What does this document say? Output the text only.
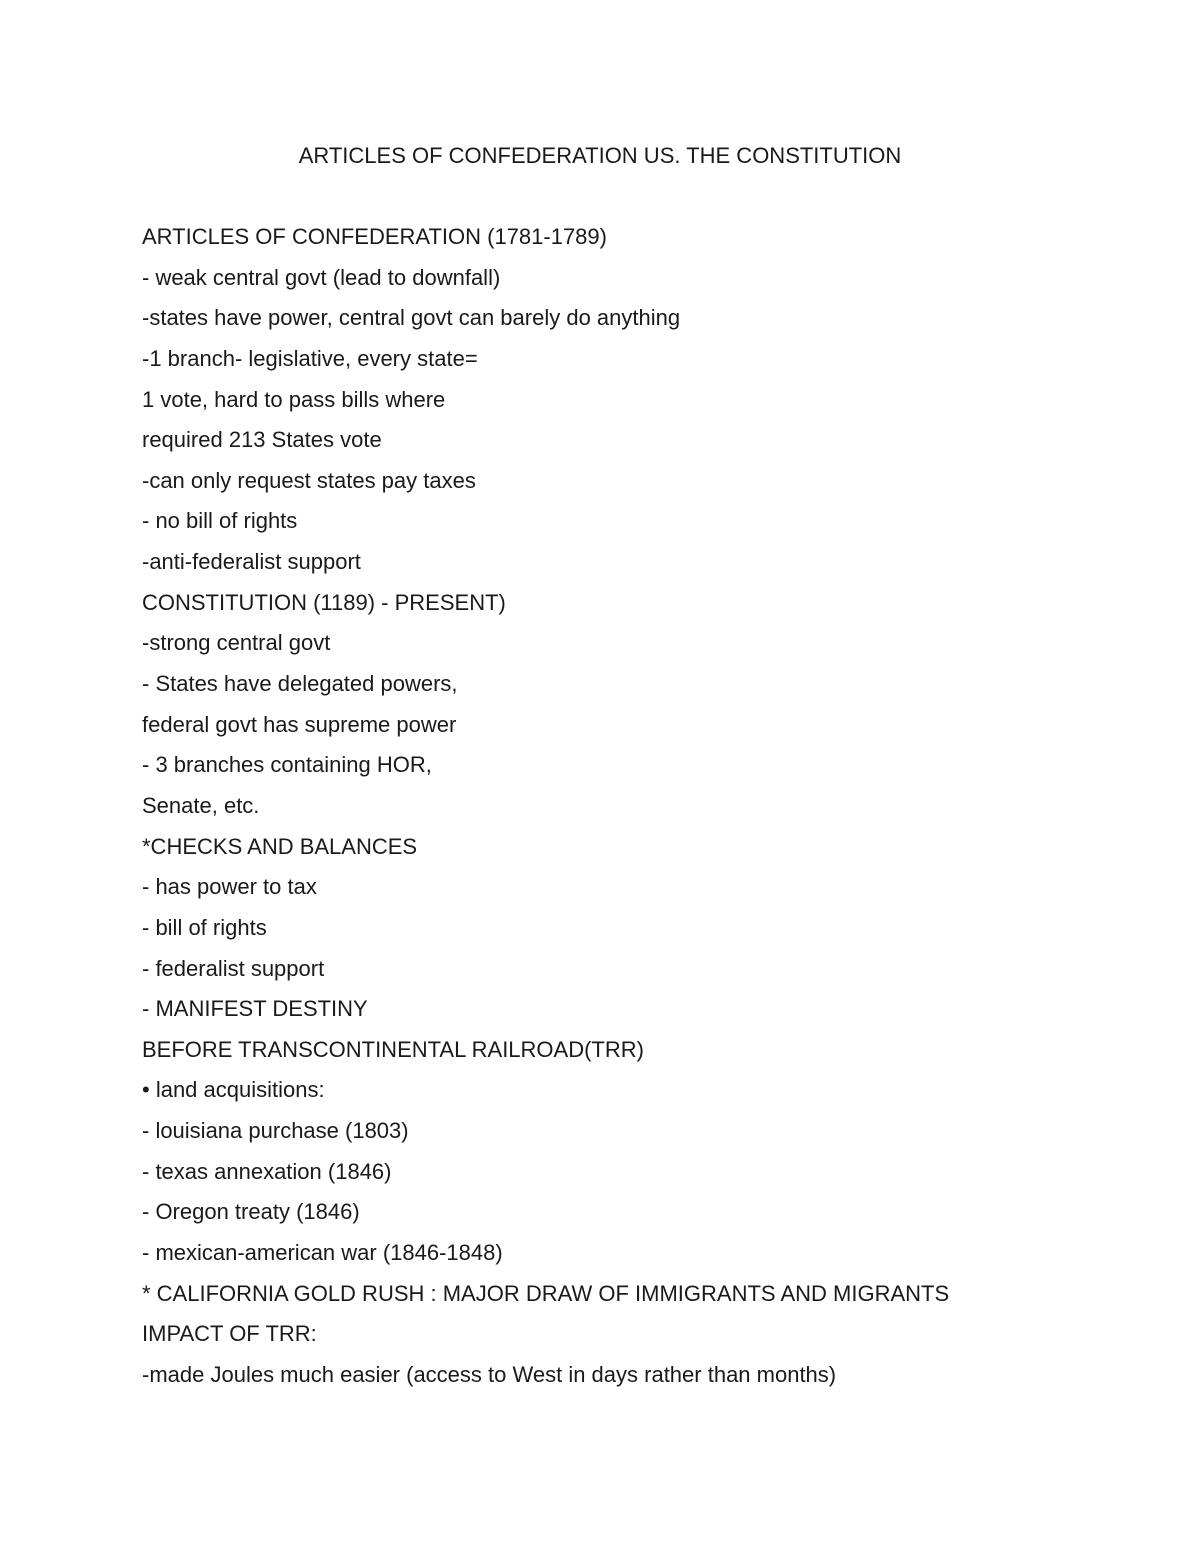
ARTICLES OF CONFEDERATION US. THE CONSTITUTION
ARTICLES OF CONFEDERATION (1781-1789)
- weak central govt (lead to downfall)
-states have power, central govt can barely do anything
-1 branch- legislative, every state=
1 vote, hard to pass bills where
required 213 States vote
-can only request states pay taxes
- no bill of rights
-anti-federalist support
CONSTITUTION (1189) - PRESENT)
-strong central govt
- States have delegated powers,
federal govt has supreme power
- 3 branches containing HOR,
Senate, etc.
*CHECKS AND BALANCES
- has power to tax
- bill of rights
- federalist support
- MANIFEST DESTINY
BEFORE TRANSCONTINENTAL RAILROAD(TRR)
• land acquisitions:
- louisiana purchase (1803)
- texas annexation (1846)
- Oregon treaty (1846)
- mexican-american war (1846-1848)
* CALIFORNIA GOLD RUSH : MAJOR DRAW OF IMMIGRANTS AND MIGRANTS
IMPACT OF TRR:
-made Joules much easier (access to West in days rather than months)
